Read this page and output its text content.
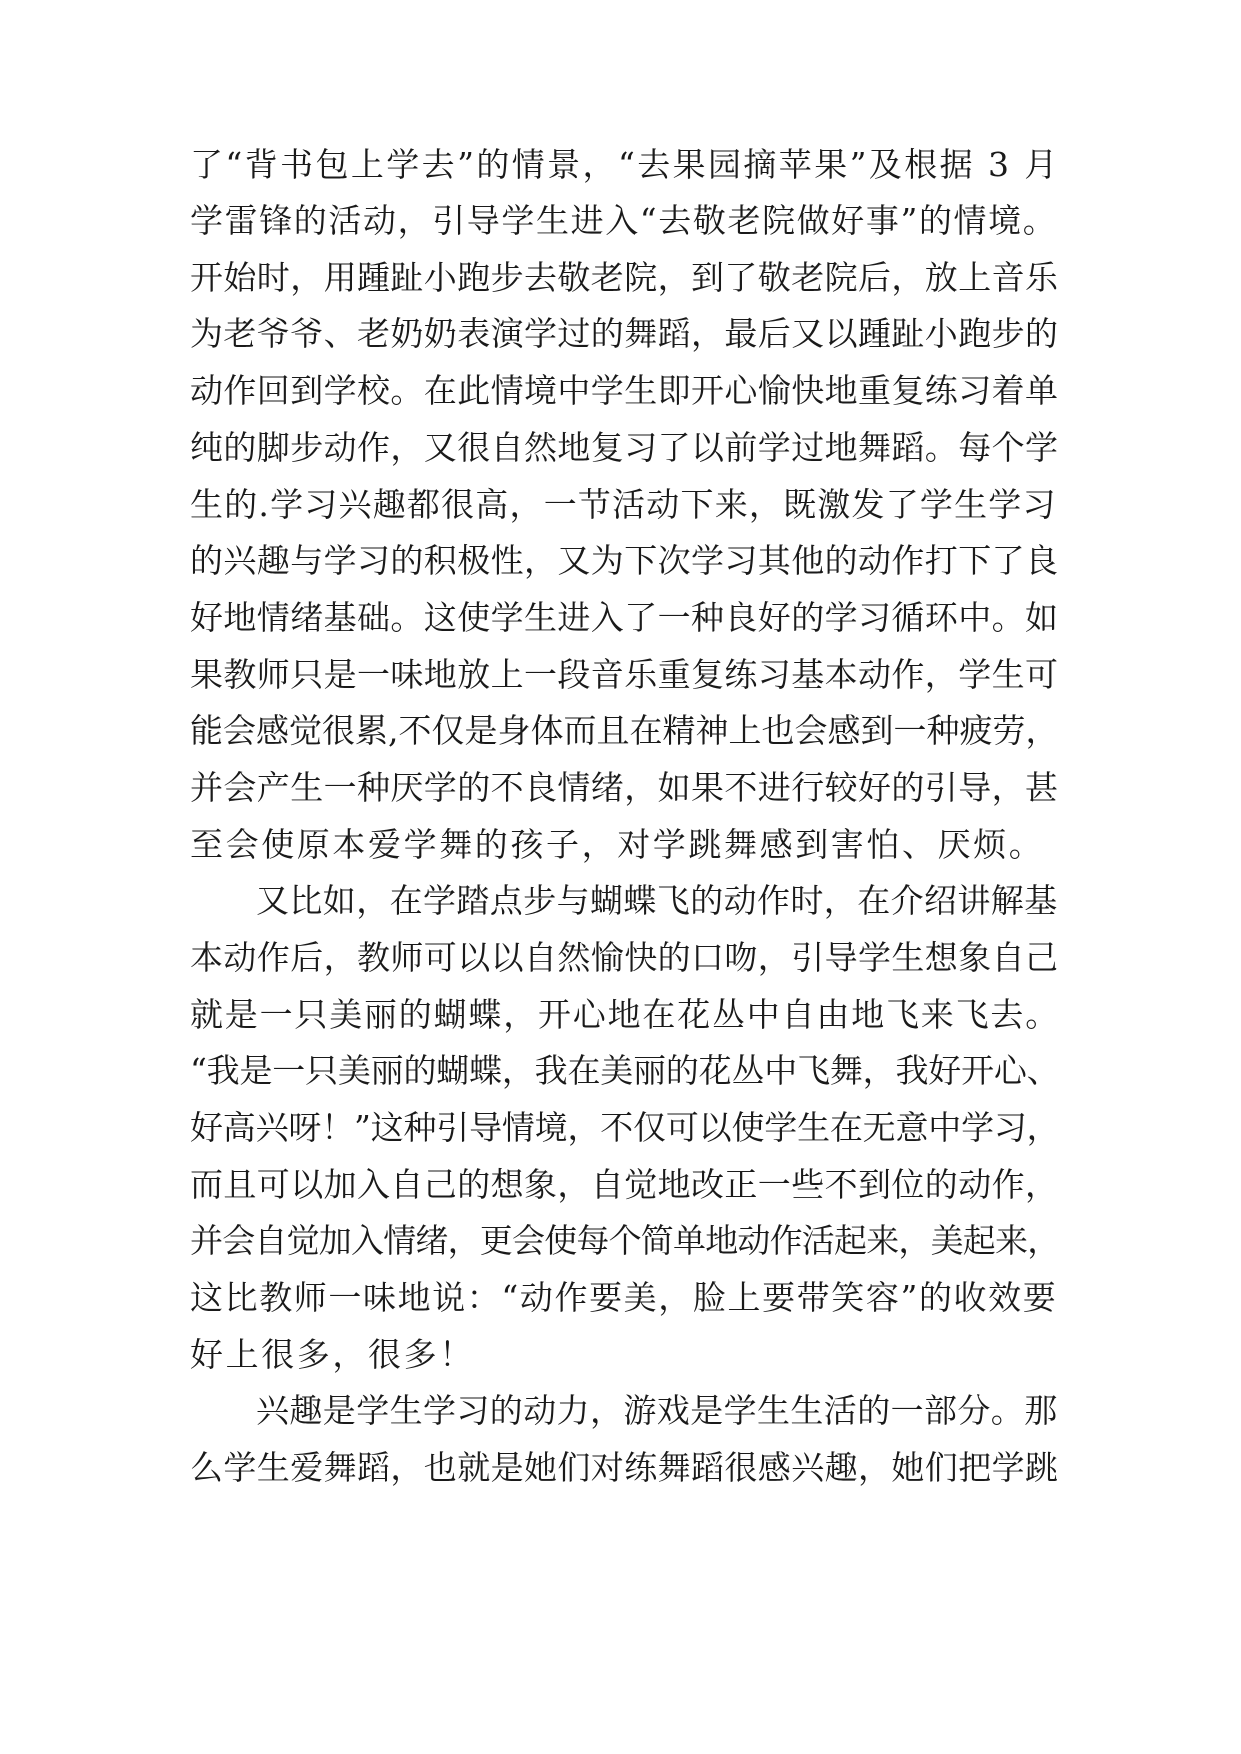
了“背书包上学去”的情景，“去果园摘苹果”及根据 3 月
学雷锋的活动，引导学生进入“去敬老院做好事”的情境。
开始时，用踵趾小跑步去敬老院，到了敬老院后，放上音乐
为老爷爷、老奶奶表演学过的舞蹈，最后又以踵趾小跑步的
动作回到学校。在此情境中学生即开心愉快地重复练习着单
纯的脚步动作，又很自然地复习了以前学过地舞蹈。每个学
生的.学习兴趣都很高，一节活动下来，既激发了学生学习
的兴趣与学习的积极性，又为下次学习其他的动作打下了良
好地情绪基础。这使学生进入了一种良好的学习循环中。如
果教师只是一味地放上一段音乐重复练习基本动作，学生可
能会感觉很累,不仅是身体而且在精神上也会感到一种疲劳，
并会产生一种厌学的不良情绪，如果不进行较好的引导，甚
至会使原本爱学舞的孩子，对学跳舞感到害怕、厌烦。
又比如，在学踏点步与蝴蝶飞的动作时，在介绍讲解基
本动作后，教师可以以自然愉快的口吻，引导学生想象自己
就是一只美丽的蝴蝶，开心地在花丛中自由地飞来飞去。
“我是一只美丽的蝴蝶，我在美丽的花丛中飞舞，我好开心、
好高兴呀！”这种引导情境，不仅可以使学生在无意中学习，
而且可以加入自己的想象，自觉地改正一些不到位的动作，
并会自觉加入情绪，更会使每个简单地动作活起来，美起来，
这比教师一味地说：“动作要美，脸上要带笑容”的收效要
好上很多，很多！
兴趣是学生学习的动力，游戏是学生生活的一部分。那
么学生爱舞蹈，也就是她们对练舞蹈很感兴趣，她们把学跳
